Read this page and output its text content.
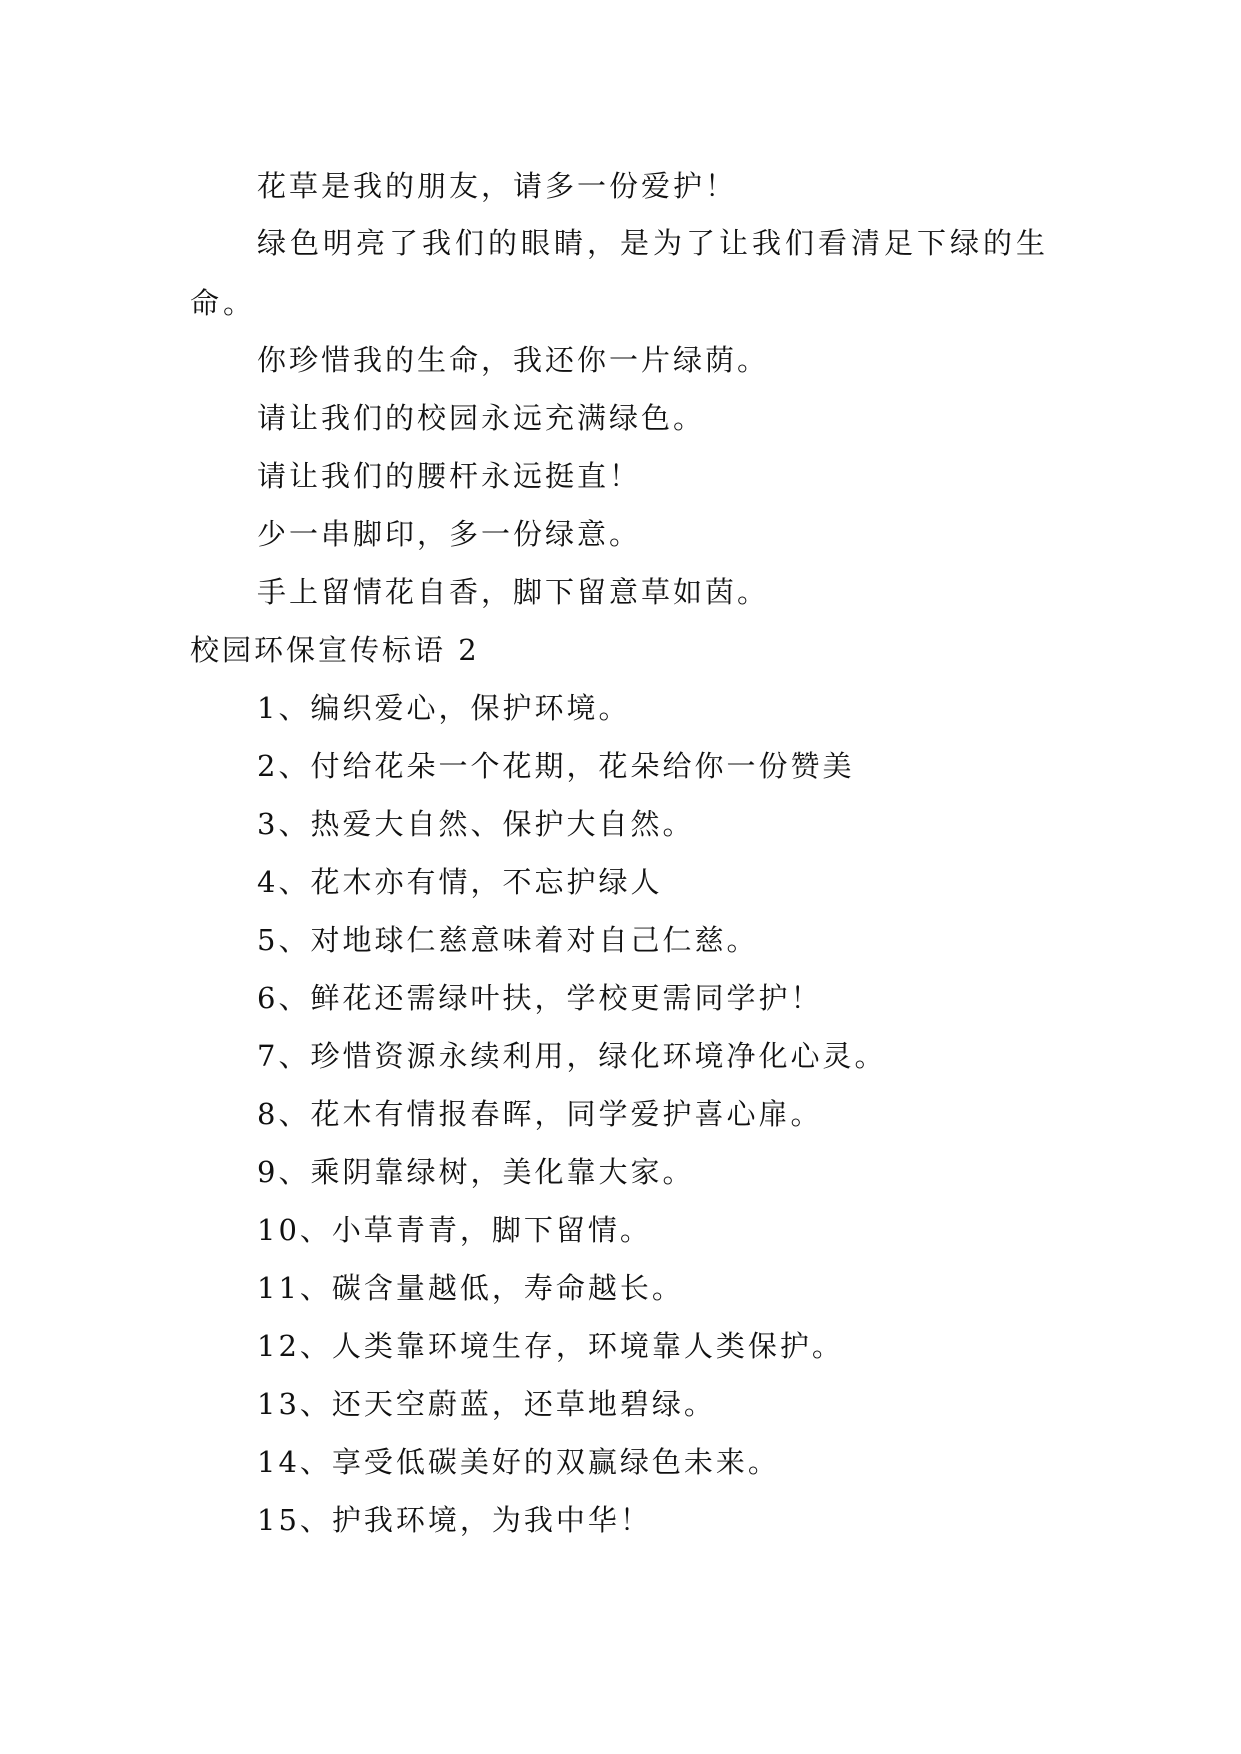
花草是我的朋友，请多一份爱护！
绿色明亮了我们的眼睛，是为了让我们看清足下绿的生命。
你珍惜我的生命，我还你一片绿荫。
请让我们的校园永远充满绿色。
请让我们的腰杆永远挺直！
少一串脚印，多一份绿意。
手上留情花自香，脚下留意草如茵。
校园环保宣传标语 2
1、编织爱心，保护环境。
2、付给花朵一个花期，花朵给你一份赞美
3、热爱大自然、保护大自然。
4、花木亦有情，不忘护绿人
5、对地球仁慈意味着对自己仁慈。
6、鲜花还需绿叶扶，学校更需同学护！
7、珍惜资源永续利用，绿化环境净化心灵。
8、花木有情报春晖，同学爱护喜心扉。
9、乘阴靠绿树，美化靠大家。
10、小草青青，脚下留情。
11、碳含量越低，寿命越长。
12、人类靠环境生存，环境靠人类保护。
13、还天空蔚蓝，还草地碧绿。
14、享受低碳美好的双赢绿色未来。
15、护我环境，为我中华！
